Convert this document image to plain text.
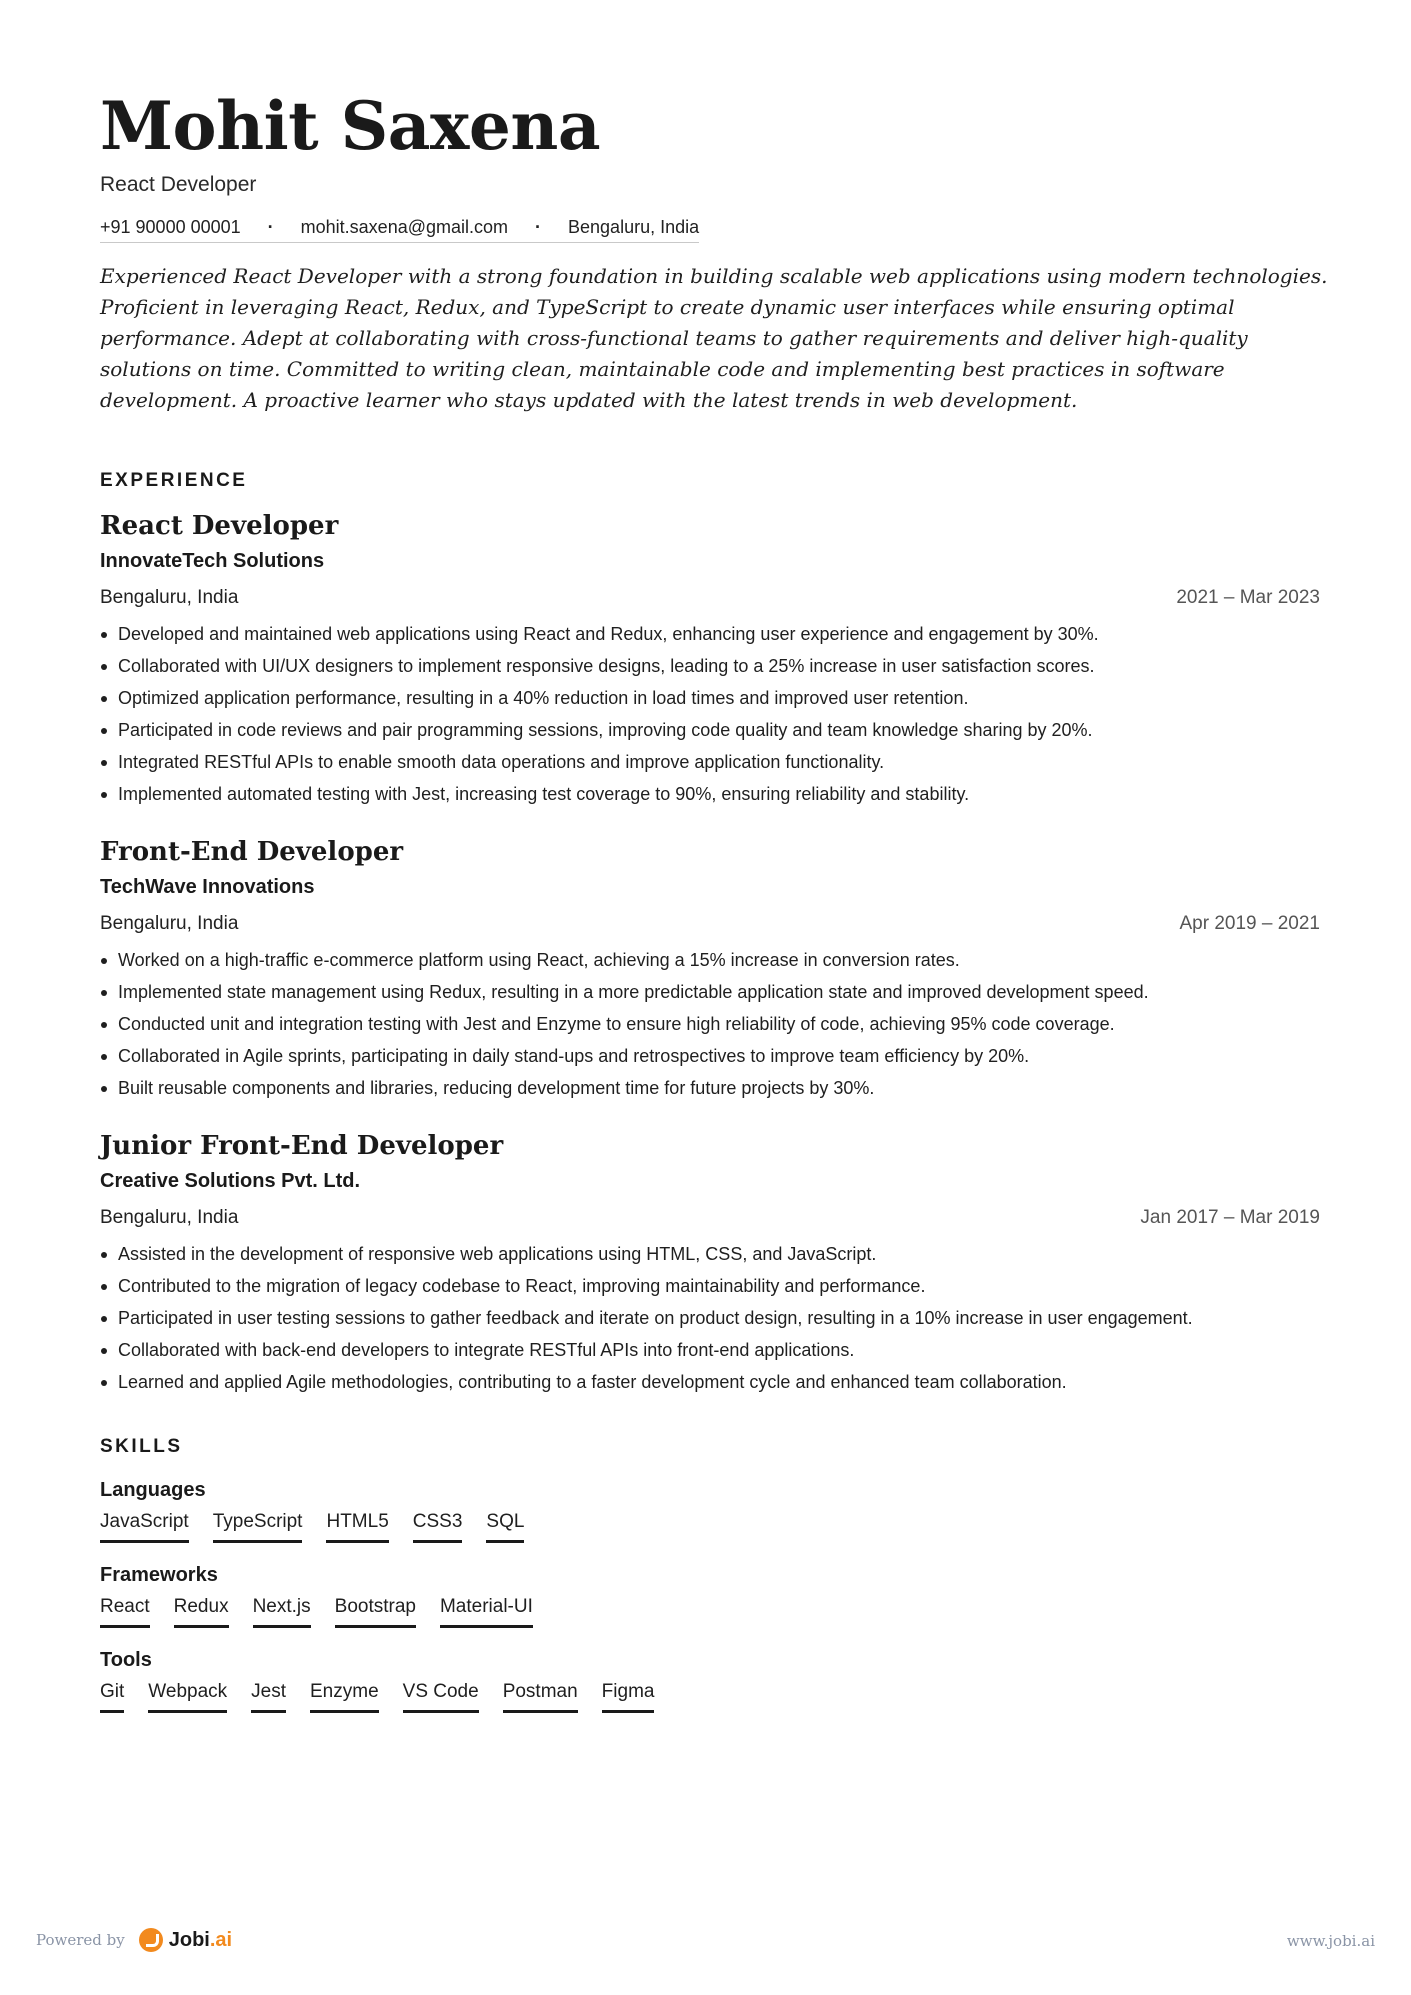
Mohit Saxena
React Developer
+91 90000 00001	·	mohit.saxena@gmail.com	·	Bengaluru, India

Experienced React Developer with a strong foundation in building scalable web applications using modern technologies. Proficient in leveraging React, Redux, and TypeScript to create dynamic user interfaces while ensuring optimal performance. Adept at collaborating with cross-functional teams to gather requirements and deliver high-quality solutions on time. Committed to writing clean, maintainable code and implementing best practices in software development. A proactive learner who stays updated with the latest trends in web development.

EXPERIENCE
React Developer
InnovateTech Solutions
Bengaluru, India	2021 – Mar 2023
Developed and maintained web applications using React and Redux, enhancing user experience and engagement by 30%.
Collaborated with UI/UX designers to implement responsive designs, leading to a 25% increase in user satisfaction scores.
Optimized application performance, resulting in a 40% reduction in load times and improved user retention.
Participated in code reviews and pair programming sessions, improving code quality and team knowledge sharing by 20%.
Integrated RESTful APIs to enable smooth data operations and improve application functionality.
Implemented automated testing with Jest, increasing test coverage to 90%, ensuring reliability and stability.
Front-End Developer
TechWave Innovations
Bengaluru, India	Apr 2019 – 2021
Worked on a high-traffic e-commerce platform using React, achieving a 15% increase in conversion rates.
Implemented state management using Redux, resulting in a more predictable application state and improved development speed.
Conducted unit and integration testing with Jest and Enzyme to ensure high reliability of code, achieving 95% code coverage.
Collaborated in Agile sprints, participating in daily stand-ups and retrospectives to improve team efficiency by 20%.
Built reusable components and libraries, reducing development time for future projects by 30%.
Junior Front-End Developer
Creative Solutions Pvt. Ltd.
Bengaluru, India	Jan 2017 – Mar 2019
Assisted in the development of responsive web applications using HTML, CSS, and JavaScript.
Contributed to the migration of legacy codebase to React, improving maintainability and performance.
Participated in user testing sessions to gather feedback and iterate on product design, resulting in a 10% increase in user engagement.
Collaborated with back-end developers to integrate RESTful APIs into front-end applications.
Learned and applied Agile methodologies, contributing to a faster development cycle and enhanced team collaboration.
SKILLS
Languages
JavaScript TypeScript HTML5 CSS3 SQL
Frameworks
React Redux Next.js Bootstrap Material-UI
Tools
Git Webpack Jest Enzyme VS Code Postman Figma
Powered by Jobi.ai	www.jobi.ai
